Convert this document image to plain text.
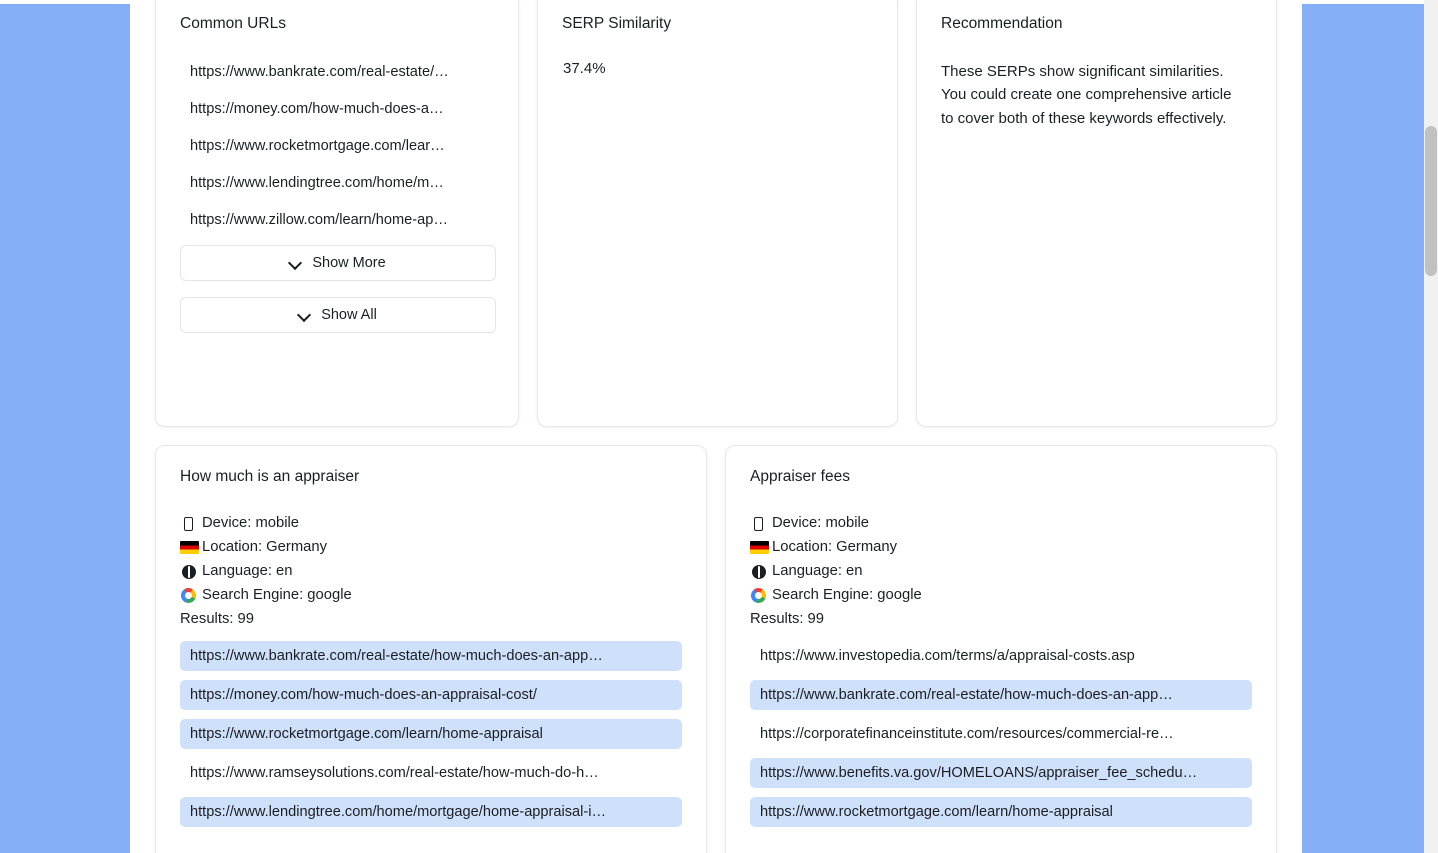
Common URLs
https://www.bankrate.com/real-estate/…
https://money.com/how-much-does-a…
https://www.rocketmortgage.com/lear…
https://www.lendingtree.com/home/m…
https://www.zillow.com/learn/home-ap…
Show More
Show All
SERP Similarity
37.4%
Recommendation
These SERPs show significant similarities. You could create one comprehensive article to cover both of these keywords effectively.
How much is an appraiser
Device: mobile
Location: Germany
Language: en
Search Engine: google
Results: 99
https://www.bankrate.com/real-estate/how-much-does-an-app…
https://money.com/how-much-does-an-appraisal-cost/
https://www.rocketmortgage.com/learn/home-appraisal
https://www.ramseysolutions.com/real-estate/how-much-do-h…
https://www.lendingtree.com/home/mortgage/home-appraisal-i…
Appraiser fees
Device: mobile
Location: Germany
Language: en
Search Engine: google
Results: 99
https://www.investopedia.com/terms/a/appraisal-costs.asp
https://www.bankrate.com/real-estate/how-much-does-an-app…
https://corporatefinanceinstitute.com/resources/commercial-re…
https://www.benefits.va.gov/HOMELOANS/appraiser_fee_schedu…
https://www.rocketmortgage.com/learn/home-appraisal
